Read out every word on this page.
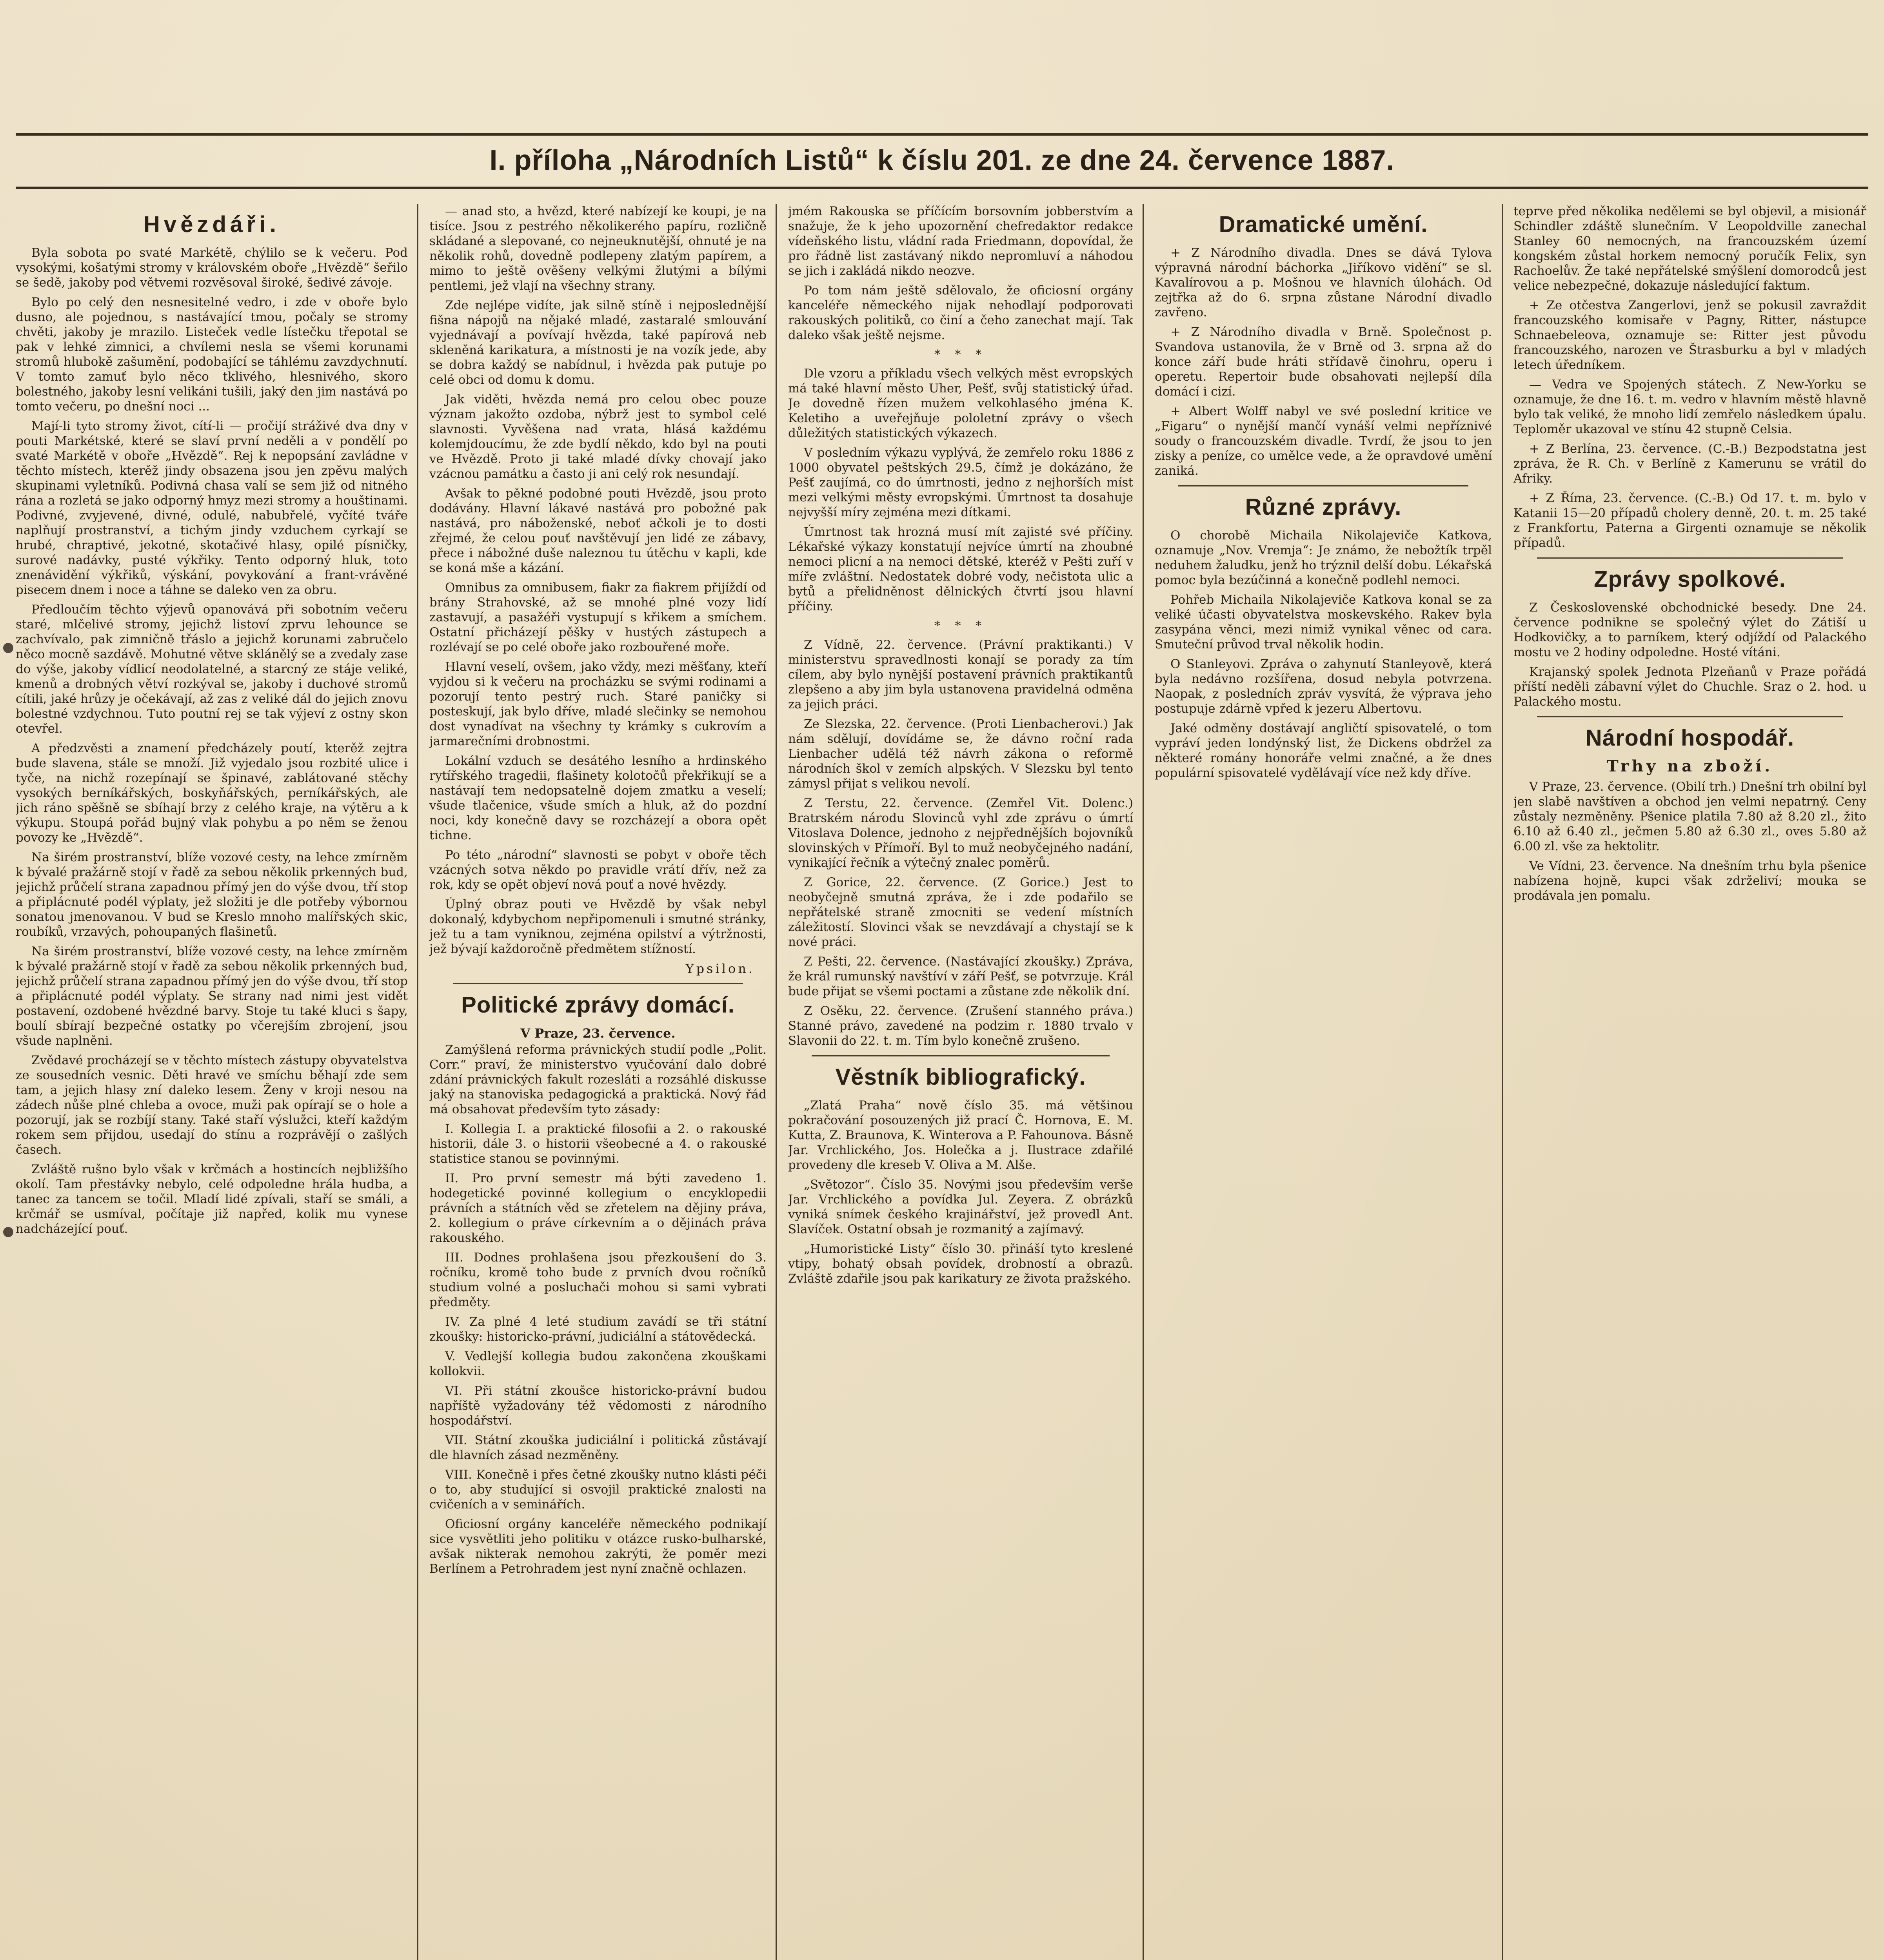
I. příloha „Národních Listů“ k číslu 201. ze dne 24. července 1887.
Hvězdáři.

Byla sobota po svaté Markétě, chýlilo se k večeru. Pod vysokými, košatými stromy v královském oboře „Hvězdě“ šeřilo se šedě, jakoby pod větvemi rozvěsoval široké, šedivé závoje.

Bylo po celý den nesnesitelné vedro, i zde v oboře bylo dusno, ale pojednou, s nastávající tmou, počaly se stromy chvěti, jakoby je mrazilo. Listeček vedle lístečku třepotal se pak v lehké zimnici, a chvílemi nesla se všemi korunami stromů hlubokě zašumění, podobající se táhlému zavzdychnutí. V tomto zamuť bylo něco tklivého, hlesnivého, skoro bolestného, jakoby lesní velikáni tušili, jaký den jim nastává po tomto večeru, po dnešní noci ...

Mají-li tyto stromy život, cítí-li — pročijí stráživé dva dny v pouti Markétské, které se slaví první neděli a v pondělí po svaté Markétě v oboře „Hvězdě“. Rej k nepopsání zavládne v těchto místech, kterěž jindy obsazena jsou jen zpěvu malých skupinami vyletníků. Podivná chasa valí se sem již od nitného rána a rozletá se jako odporný hmyz mezi stromy a houštinami. Podivné, zvyjevené, divné, odulé, nabubřelé, vyčíté tváře naplňují prostranství, a tichým jindy vzduchem cyrkají se hrubé, chraptivé, jekotné, skotačivé hlasy, opilé písničky, surové nadávky, pusté výkřiky. Tento odporný hluk, toto znenávidění výkřiků, výskání, povykování a frant-vrávěné pisecem dnem i noce a táhne se daleko ven za obru.

Předloučím těchto výjevů opanovává při sobotním večeru staré, mlčelivé stromy, jejichž listoví zprvu lehounce se zachvívalo, pak zimničně třáslo a jejichž korunami zabručelo něco mocně sazdávě. Mohutné větve sklánělý se a zvedaly zase do výše, jakoby vídlicí neodolatelné, a starcný ze stáje veliké, kmenů a drobných větví rozkýval se, jakoby i duchové stromů cítili, jaké hrůzy je očekávají, až zas z veliké dál do jejich znovu bolestné vzdychnou. Tuto poutní rej se tak výjeví z ostny skon otevřel.

A předzvěsti a znamení předcházely poutí, kterěž zejtra bude slavena, stále se množí. Již vyjedalo jsou rozbité ulice i tyče, na nichž rozepínají se špinavé, zablátované stěchy vysokých berníkářských, boskyňářských, perníkářských, ale jich ráno spěšně se sbíhají brzy z celého kraje, na výtěru a k výkupu. Stoupá pořád bujný vlak pohybu a po něm se ženou povozy ke „Hvězdě“.

Na širém prostranství, blíže vozové cesty, na lehce zmírněm k bývalé pražárně stojí v řadě za sebou několik prkenných bud, jejichž průčelí strana zapadnou přímý jen do výše dvou, tří stop a připlácnuté podél výplaty, jež složiti je dle potřeby výbornou sonatou jmenovanou. V bud se Kreslo mnoho malířských skic, roubíků, vrzavých, pohoupaných flašinetů.

Na širém prostranství, blíže vozové cesty, na lehce zmírněm k bývalé pražárně stojí v řadě za sebou několik prkenných bud, jejichž průčelí strana zapadnou přímý jen do výše dvou, tří stop a připlácnuté podél výplaty. Se strany nad nimi jest vidět postavení, ozdobené hvězdné barvy. Stoje tu také kluci s šapy, boulí sbírají bezpečné ostatky po včerejším zbrojení, jsou všude naplněni.

Zvědavé procházejí se v těchto místech zástupy obyvatelstva ze sousedních vesnic. Děti hravé ve smíchu běhají zde sem tam, a jejich hlasy zní daleko lesem. Ženy v kroji nesou na zádech nůše plné chleba a ovoce, muži pak opírají se o hole a pozorují, jak se rozbíjí stany. Také staří výslužci, kteří každým rokem sem přijdou, usedají do stínu a rozprávějí o zašlých časech.

Zvláště rušno bylo však v krčmách a hostincích nejbližšího okolí. Tam přestávky nebylo, celé odpoledne hrála hudba, a tanec za tancem se točil. Mladí lidé zpívali, staří se smáli, a krčmář se usmíval, počítaje již napřed, kolik mu vynese nadcházející pouť.

— anad sto, a hvězd, které nabízejí ke koupi, je na tisíce. Jsou z pestrého několikerého papíru, rozličně skládané a slepované, co nejneuknutější, ohnuté je na několik rohů, dovedně podlepeny zlatým papírem, a mimo to ještě ověšeny velkými žlutými a bílými pentlemi, jež vlají na všechny strany.

Zde nejlépe vidíte, jak silně stíně i nejposlednější fišna nápojů na nějaké mladé, zastaralé smlouvání vyjednávají a povívají hvězda, také papírová neb skleněná karikatura, a místnosti je na vozík jede, aby se dobra každý se nabídnul, i hvězda pak putuje po celé obci od domu k domu.

Jak viděti, hvězda nemá pro celou obec pouze význam jakožto ozdoba, nýbrž jest to symbol celé slavnosti. Vyvěšena nad vrata, hlásá každému kolemjdoucímu, že zde bydlí někdo, kdo byl na pouti ve Hvězdě. Proto ji také mladé dívky chovají jako vzácnou památku a často ji ani celý rok nesundají.

Avšak to pěkné podobné pouti Hvězdě, jsou proto dodávány. Hlavní lákavé nastává pro pobožné pak nastává, pro náboženské, neboť ačkoli je to dosti zřejmé, že celou pouť navštěvují jen lidé ze zábavy, přece i nábožné duše naleznou tu útěchu v kapli, kde se koná mše a kázání.

Omnibus za omnibusem, fiakr za fiakrem přijíždí od brány Strahovské, až se mnohé plné vozy lidí zastavují, a pasažéři vystupují s křikem a smíchem. Ostatní přicházejí pěšky v hustých zástupech a rozlévají se po celé oboře jako rozbouřené moře.

Hlavní veselí, ovšem, jako vždy, mezi měšťany, kteří vyjdou si k večeru na procházku se svými rodinami a pozorují tento pestrý ruch. Staré paničky si posteskují, jak bylo dříve, mladé slečinky se nemohou dost vynadívat na všechny ty krámky s cukrovím a jarmarečními drobnostmi.

Lokální vzduch se desátého lesního a hrdinského rytířského tragedii, flašinety kolotočů překřikují se a nastávají tem nedopsatelně dojem zmatku a veselí; všude tlačenice, všude smích a hluk, až do pozdní noci, kdy konečně davy se rozcházejí a obora opět tichne.

Po této „národní“ slavnosti se pobyt v oboře těch vzácných sotva někdo po pravidle vrátí dřív, než za rok, kdy se opět objeví nová pouť a nové hvězdy.

Úplný obraz pouti ve Hvězdě by však nebyl dokonalý, kdybychom nepřipomenuli i smutné stránky, jež tu a tam vyniknou, zejména opilství a výtržnosti, jež bývají každoročně předmětem stížností.

Ypsilon.
Politické zprávy domácí.
V Praze, 23. července.

Zamýšlená reforma právnických studií podle „Polit. Corr.“ praví, že ministerstvo vyučování dalo dobré zdání právnických fakult rozesláti a rozsáhlé diskusse jaký na stanoviska pedagogická a praktická. Nový řád má obsahovat především tyto zásady:

I. Kollegia I. a praktické filosofii a 2. o rakouské historii, dále 3. o historii všeobecné a 4. o rakouské statistice stanou se povinnými.

II. Pro první semestr má býti zavedeno 1. hodegetické povinné kollegium o encyklopedii právních a státních věd se zřetelem na dějiny práva, 2. kollegium o práve církevním a o dějinách práva rakouského.

III. Dodnes prohlašena jsou přezkoušení do 3. ročníku, kromě toho bude z prvních dvou ročníků studium volné a posluchači mohou si sami vybrati předměty.

IV. Za plné 4 leté studium zavádí se tři státní zkoušky: historicko-právní, judiciální a státovědecká.

V. Vedlejší kollegia budou zakončena zkouškami kollokvii.

VI. Při státní zkoušce historicko-právní budou napříště vyžadovány též vědomosti z národního hospodářství.

VII. Státní zkouška judiciální i politická zůstávají dle hlavních zásad nezměněny.

VIII. Konečně i přes četné zkoušky nutno klásti péči o to, aby studující si osvojil praktické znalosti na cvičeních a v seminářích.

Oficiosní orgány kanceléře německého podnikají sice vysvětliti jeho politiku v otázce rusko-bulharské, avšak nikterak nemohou zakrýti, že poměr mezi Berlínem a Petrohradem jest nyní značně ochlazen.

jmém Rakouska se příčícím borsovním jobberstvím a snažuje, že k jeho upozornění chefredaktor redakce vídeňského listu, vládní rada Friedmann, dopovídal, že pro řádně list zastávaný nikdo nepromluví a náhodou se jich i zakládá nikdo neozve.

Po tom nám ještě sdělovalo, že oficiosní orgány kanceléře německého nijak nehodlají podporovati rakouských politiků, co činí a čeho zanechat mají. Tak daleko však ještě nejsme.

* * *

Dle vzoru a příkladu všech velkých měst evropských má také hlavní město Uher, Pešť, svůj statistický úřad. Je dovedně řízen mužem velkohlasého jména K. Keletiho a uveřejňuje pololetní zprávy o všech důležitých statistických výkazech.

V posledním výkazu vyplývá, že zemřelo roku 1886 z 1000 obyvatel peštských 29.5, čímž je dokázáno, že Pešť zaujímá, co do úmrtnosti, jedno z nejhorších míst mezi velkými městy evropskými. Úmrtnost ta dosahuje nejvyšší míry zejména mezi dítkami.

Úmrtnost tak hrozná musí mít zajisté své příčiny. Lékařské výkazy konstatují nejvíce úmrtí na zhoubné nemoci plicní a na nemoci dětské, kteréž v Pešti zuří v míře zvláštní. Nedostatek dobré vody, nečistota ulic a bytů a přelidněnost dělnických čtvrtí jsou hlavní příčiny.

* * *

Z Vídně, 22. července. (Právní praktikanti.) V ministerstvu spravedlnosti konají se porady za tím cílem, aby bylo nynější postavení právních praktikantů zlepšeno a aby jim byla ustanovena pravidelná odměna za jejich práci.

Ze Slezska, 22. července. (Proti Lienbacherovi.) Jak nám sdělují, dovídáme se, že dávno roční rada Lienbacher udělá též návrh zákona o reformě národních škol v zemích alpských. V Slezsku byl tento zámysl přijat s velikou nevolí.

Z Terstu, 22. července. (Zemřel Vit. Dolenc.) Bratrském národu Slovinců vyhl zde zprávu o úmrtí Vitoslava Dolence, jednoho z nejpřednějších bojovníků slovinských v Přímoří. Byl to muž neobyčejného nadání, vynikající řečník a výtečný znalec poměrů.

Z Gorice, 22. července. (Z Gorice.) Jest to neobyčejně smutná zpráva, že i zde podařilo se nepřátelské straně zmocniti se vedení místních záležitostí. Slovinci však se nevzdávají a chystají se k nové práci.

Z Pešti, 22. července. (Nastávající zkoušky.) Zpráva, že král rumunský navštíví v září Pešť, se potvrzuje. Král bude přijat se všemi poctami a zůstane zde několik dní.

Z Osěku, 22. července. (Zrušení stanného práva.) Stanné právo, zavedené na podzim r. 1880 trvalo v Slavonii do 22. t. m. Tím bylo konečně zrušeno.

Věstník bibliografický.

„Zlatá Praha“ nově číslo 35. má většinou pokračování posouzených již prací Č. Hornova, E. M. Kutta, Z. Braunova, K. Winterova a P. Fahounova. Básně Jar. Vrchlického, Jos. Holečka a j. Ilustrace zdařilé provedeny dle kreseb V. Oliva a M. Alše.

„Světozor“. Číslo 35. Novými jsou především verše Jar. Vrchlického a povídka Jul. Zeyera. Z obrázků vyniká snímek českého krajinářství, jež provedl Ant. Slavíček. Ostatní obsah je rozmanitý a zajímavý.

„Humoristické Listy“ číslo 30. přináší tyto kreslené vtipy, bohatý obsah povídek, drobností a obrazů. Zvláště zdařile jsou pak karikatury ze života pražského.

Dramatické umění.

+ Z Národního divadla. Dnes se dává Tylova výpravná národní báchorka „Jiříkovo vidění“ se sl. Kavalírovou a p. Mošnou ve hlavních úlohách. Od zejtřka až do 6. srpna zůstane Národní divadlo zavřeno.

+ Z Národního divadla v Brně. Společnost p. Svandova ustanovila, že v Brně od 3. srpna až do konce září bude hráti střídavě činohru, operu i operetu. Repertoir bude obsahovati nejlepší díla domácí i cizí.

+ Albert Wolff nabyl ve své poslední kritice ve „Figaru“ o nynější mančí vynáší velmi nepříznivé soudy o francouzském divadle. Tvrdí, že jsou to jen zisky a peníze, co umělce vede, a že opravdové umění zaniká.

Různé zprávy.

O chorobě Michaila Nikolajeviče Katkova, oznamuje „Nov. Vremja“: Je známo, že nebožtík trpěl neduhem žaludku, jenž ho trýznil delší dobu. Lékařská pomoc byla bezúčinná a konečně podlehl nemoci.

Pohřeb Michaila Nikolajeviče Katkova konal se za veliké účasti obyvatelstva moskevského. Rakev byla zasypána věnci, mezi nimiž vynikal věnec od cara. Smuteční průvod trval několik hodin.

O Stanleyovi. Zpráva o zahynutí Stanleyově, která byla nedávno rozšířena, dosud nebyla potvrzena. Naopak, z posledních zpráv vysvítá, že výprava jeho postupuje zdárně vpřed k jezeru Albertovu.

Jaké odměny dostávají angličtí spisovatelé, o tom vypráví jeden londýnský list, že Dickens obdržel za některé romány honoráře velmi značné, a že dnes populární spisovatelé vydělávají více než kdy dříve.

teprve před několika nedělemi se byl objevil, a misionář Schindler zdáště slunečním. V Leopoldville zanechal Stanley 60 nemocných, na francouzském území kongském zůstal horkem nemocný poručík Felix, syn Rachoelův. Že také nepřátelské smýšlení domorodců jest velice nebezpečné, dokazuje následující faktum.

+ Ze otčestva Zangerlovi, jenž se pokusil zavraždit francouzského komisaře v Pagny, Ritter, nástupce Schnaebeleova, oznamuje se: Ritter jest původu francouzského, narozen ve Štrasburku a byl v mladých letech úředníkem.

— Vedra ve Spojených státech. Z New-Yorku se oznamuje, že dne 16. t. m. vedro v hlavním městě hlavně bylo tak veliké, že mnoho lidí zemřelo následkem úpalu. Teploměr ukazoval ve stínu 42 stupně Celsia.

+ Z Berlína, 23. července. (C.-B.) Bezpodstatna jest zpráva, že R. Ch. v Berlíně z Kamerunu se vrátil do Afriky.

+ Z Říma, 23. července. (C.-B.) Od 17. t. m. bylo v Katanii 15—20 případů cholery denně, 20. t. m. 25 také z Frankfortu, Paterna a Girgenti oznamuje se několik případů.

Zprávy spolkové.

Z Československé obchodnické besedy. Dne 24. července podnikne se společný výlet do Zátiší u Hodkovičky, a to parníkem, který odjíždí od Palackého mostu ve 2 hodiny odpoledne. Hosté vítáni.

Krajanský spolek Jednota Plzeňanů v Praze pořádá příští neděli zábavní výlet do Chuchle. Sraz o 2. hod. u Palackého mostu.

Národní hospodář.
Trhy na zboží.

V Praze, 23. července. (Obilí trh.) Dnešní trh obilní byl jen slabě navštíven a obchod jen velmi nepatrný. Ceny zůstaly nezměněny. Pšenice platila 7.80 až 8.20 zl., žito 6.10 až 6.40 zl., ječmen 5.80 až 6.30 zl., oves 5.80 až 6.00 zl. vše za hektolitr.

Ve Vídni, 23. července. Na dnešním trhu byla pšenice nabízena hojně, kupci však zdrželiví; mouka se prodávala jen pomalu.
